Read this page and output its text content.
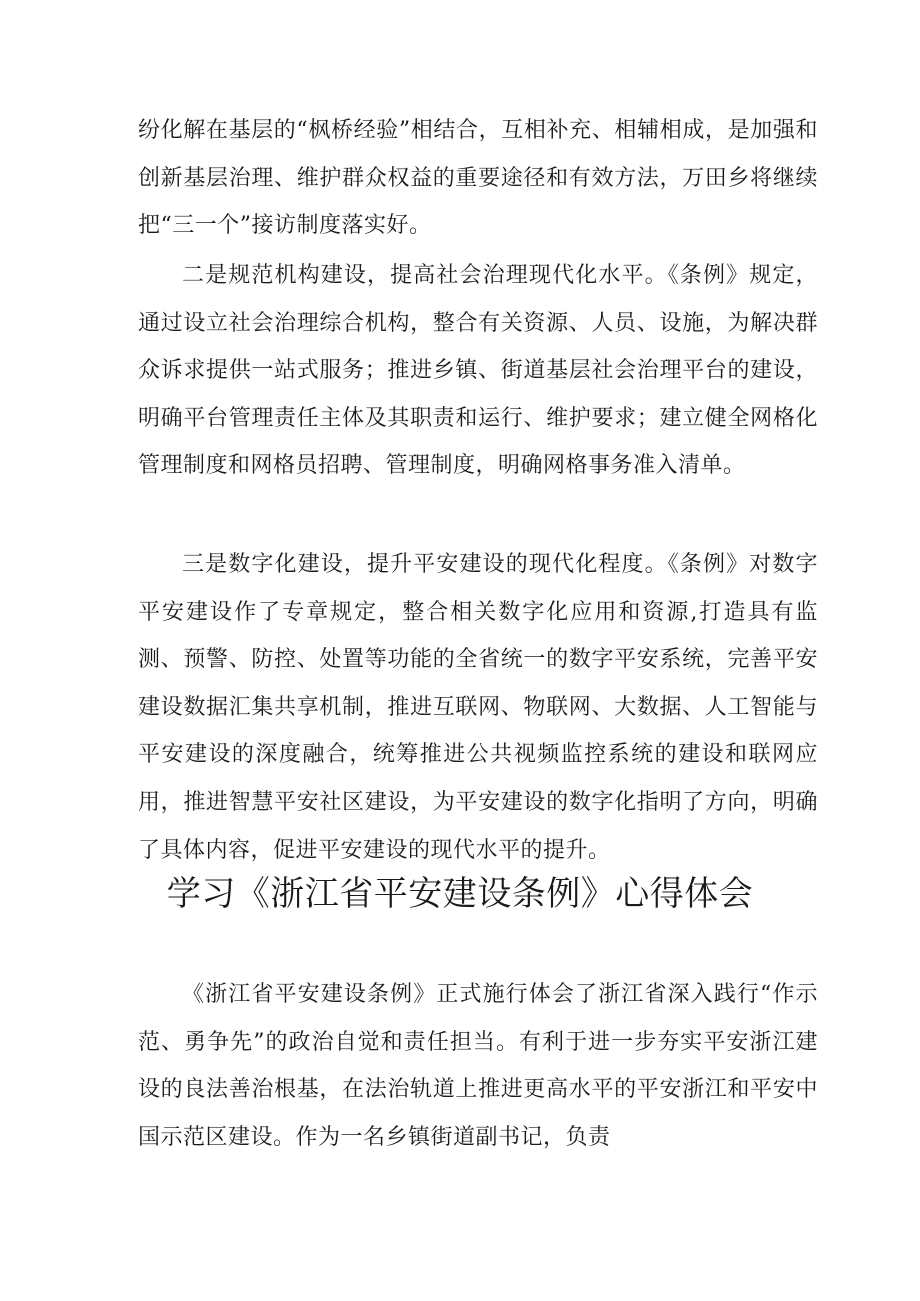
纷化解在基层的“枫桥经验”相结合，互相补充、相辅相成，是加强和创新基层治理、维护群众权益的重要途径和有效方法，万田乡将继续把“三一个”接访制度落实好。

二是规范机构建设，提高社会治理现代化水平。《条例》规定，通过设立社会治理综合机构，整合有关资源、人员、设施，为解决群众诉求提供一站式服务；推进乡镇、街道基层社会治理平台的建设，明确平台管理责任主体及其职责和运行、维护要求；建立健全网格化管理制度和网格员招聘、管理制度，明确网格事务准入清单。

三是数字化建设，提升平安建设的现代化程度。《条例》对数字平安建设作了专章规定，整合相关数字化应用和资源,打造具有监测、预警、防控、处置等功能的全省统一的数字平安系统，完善平安建设数据汇集共享机制，推进互联网、物联网、大数据、人工智能与平安建设的深度融合，统筹推进公共视频监控系统的建设和联网应用，推进智慧平安社区建设，为平安建设的数字化指明了方向，明确了具体内容，促进平安建设的现代水平的提升。

学习《浙江省平安建设条例》心得体会

《浙江省平安建设条例》正式施行体会了浙江省深入践行“作示范、勇争先”的政治自觉和责任担当。有利于进一步夯实平安浙江建设的良法善治根基，在法治轨道上推进更高水平的平安浙江和平安中国示范区建设。作为一名乡镇街道副书记，负责
